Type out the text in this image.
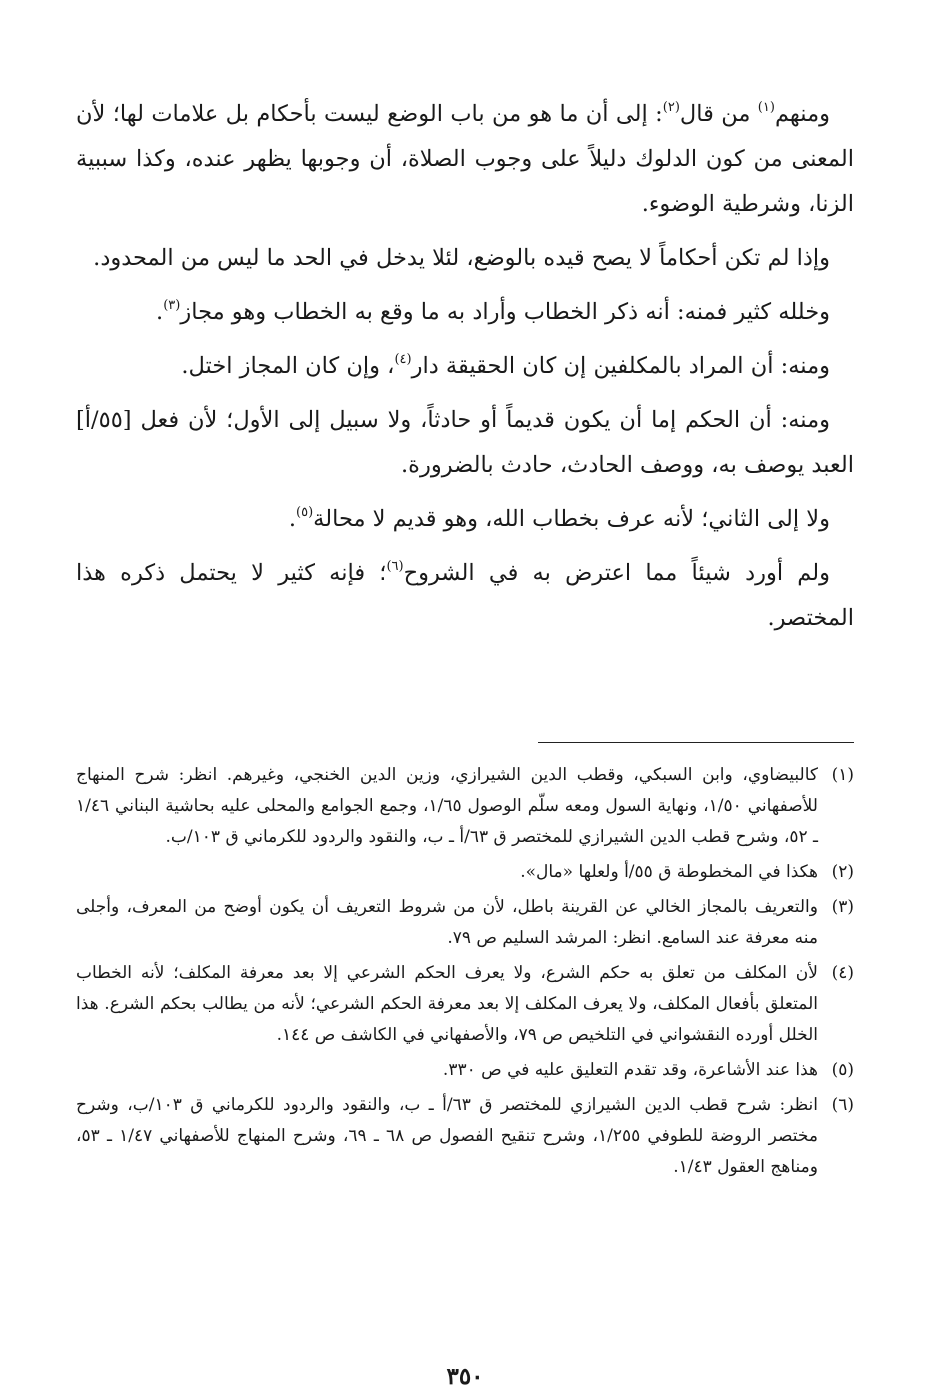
ومنهم$^{(١)}$ من قال$^{(٢)}$: إلى أن ما هو من باب الوضع ليست بأحكام بل علامات لها؛ لأن المعنى من كون الدلوك دليلاً على وجوب الصلاة، أن وجوبها يظهر عنده، وكذا سببية الزنا، وشرطية الوضوء.

وإذا لم تكن أحكاماً لا يصح قيده بالوضع، لئلا يدخل في الحد ما ليس من المحدود.

وخلله كثير فمنه: أنه ذكر الخطاب وأراد به ما وقع به الخطاب وهو مجاز$^{(٣)}$.

ومنه: أن المراد بالمكلفين إن كان الحقيقة دار$^{(٤)}$، وإن كان المجاز اختل.

ومنه: أن الحكم إما أن يكون قديماً أو حادثاً، ولا سبيل إلى الأول؛ لأن فعل [٥٥/أ] العبد يوصف به، ووصف الحادث، حادث بالضرورة.

ولا إلى الثاني؛ لأنه عرف بخطاب الله، وهو قديم لا محالة$^{(٥)}$.

ولم أورد شيئاً مما اعترض به في الشروح$^{(٦)}$؛ فإنه كثير لا يحتمل ذكره هذا المختصر.

(١)
كالبيضاوي، وابن السبكي، وقطب الدين الشيرازي، وزين الدين الخنجي، وغيرهم. انظر: شرح المنهاج للأصفهاني ١/٥٠، ونهاية السول ومعه سلّم الوصول ١/٦٥، وجمع الجوامع والمحلى عليه بحاشية البناني ١/٤٦ ـ ٥٢، وشرح قطب الدين الشيرازي للمختصر ق ٦٣/أ ـ ب، والنقود والردود للكرماني ق ١٠٣/ب.
(٢)
هكذا في المخطوطة ق ٥٥/أ ولعلها «مال».
(٣)
والتعريف بالمجاز الخالي عن القرينة باطل، لأن من شروط التعريف أن يكون أوضح من المعرف، وأجلى منه معرفة عند السامع. انظر: المرشد السليم ص ٧٩.
(٤)
لأن المكلف من تعلق به حكم الشرع، ولا يعرف الحكم الشرعي إلا بعد معرفة المكلف؛ لأنه الخطاب المتعلق بأفعال المكلف، ولا يعرف المكلف إلا بعد معرفة الحكم الشرعي؛ لأنه من يطالب بحكم الشرع. هذا الخلل أورده النقشواني في التلخيص ص ٧٩، والأصفهاني في الكاشف ص ١٤٤.
(٥)
هذا عند الأشاعرة، وقد تقدم التعليق عليه في ص ٣٣٠.
(٦)
انظر: شرح قطب الدين الشيرازي للمختصر ق ٦٣/أ ـ ب، والنقود والردود للكرماني ق ١٠٣/ب، وشرح مختصر الروضة للطوفي ١/٢٥٥، وشرح تنقيح الفصول ص ٦٨ ـ ٦٩، وشرح المنهاج للأصفهاني ١/٤٧ ـ ٥٣، ومناهج العقول ١/٤٣.
٣٥٠
